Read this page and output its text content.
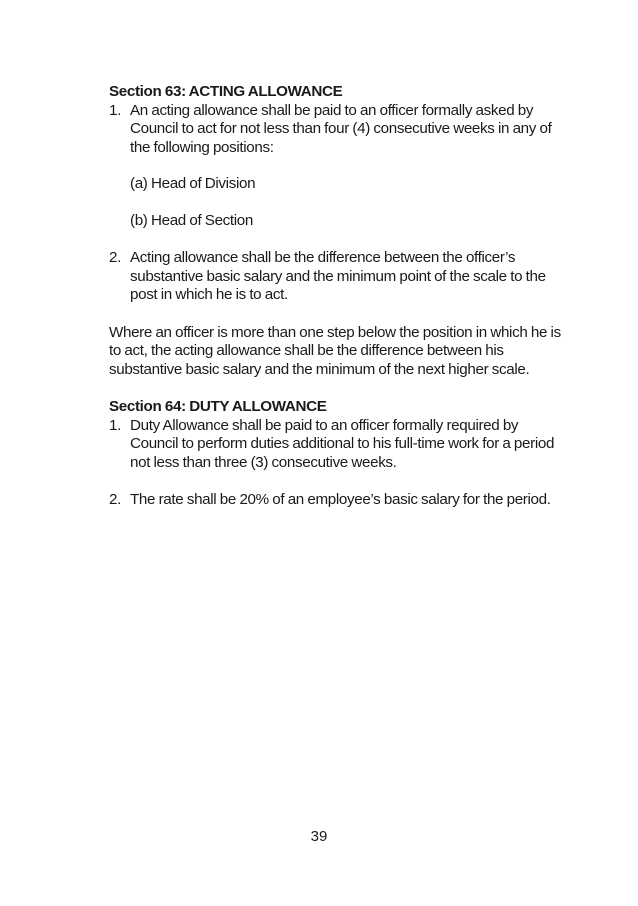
Section 63: ACTING ALLOWANCE

1. An acting allowance shall be paid to an officer formally asked by Council to act for not less than four (4) consecutive weeks in any of the following positions:
(a) Head of Division
(b) Head of Section
2. Acting allowance shall be the difference between the officer’s substantive basic salary and the minimum point of the scale to the post in which he is to act.

Where an officer is more than one step below the position in which he is to act, the acting allowance shall be the difference between his substantive basic salary and the minimum of the next higher scale.

Section 64: DUTY ALLOWANCE

1. Duty Allowance shall be paid to an officer formally required by Council to perform duties additional to his full-time work for a period not less than three (3) consecutive weeks.
2. The rate shall be 20% of an employee’s basic salary for the period.
39
